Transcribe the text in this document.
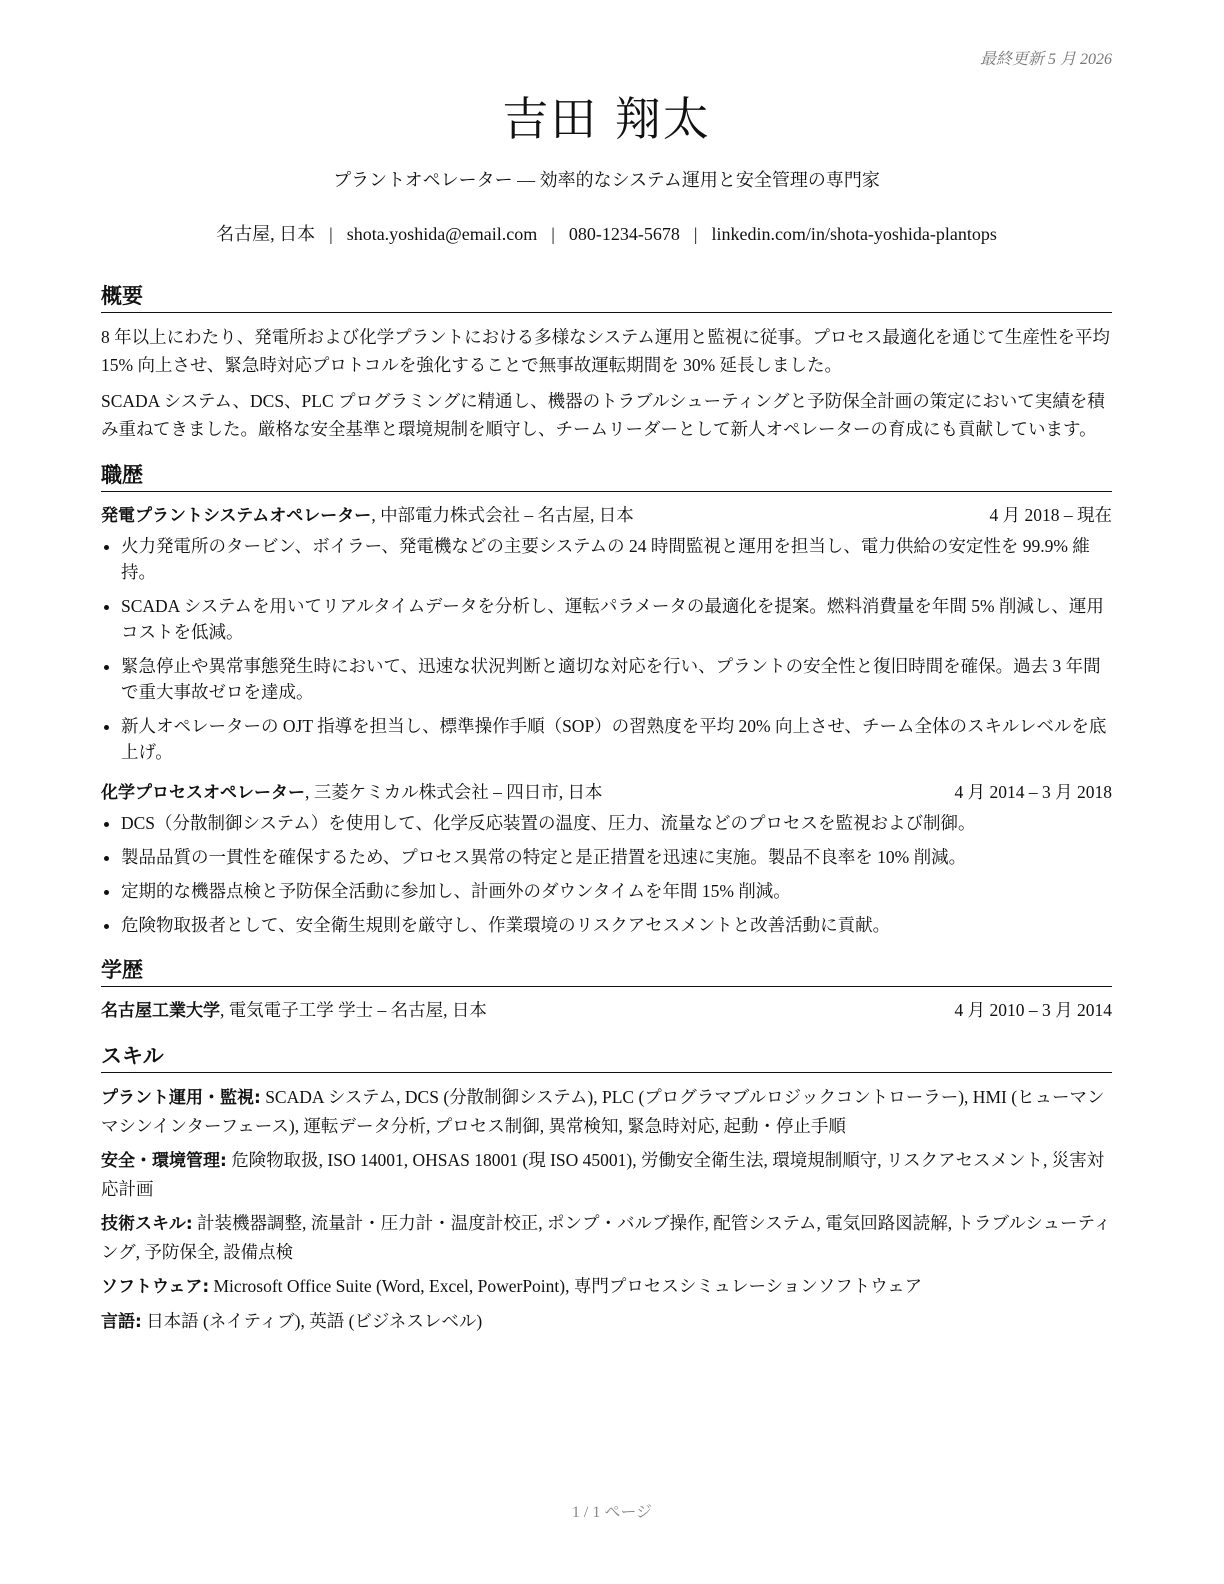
最終更新 5 月 2026
吉田 翔太
プラントオペレーター — 効率的なシステム運用と安全管理の専門家
名古屋, 日本 | shota.yoshida@email.com | 080-1234-5678 | linkedin.com/in/shota-yoshida-plantops
概要

8 年以上にわたり、発電所および化学プラントにおける多様なシステム運用と監視に従事。プロセス最適化を通じて生産性を平均 15% 向上させ、緊急時対応プロトコルを強化することで無事故運転期間を 30% 延長しました。

SCADA システム、DCS、PLC プログラミングに精通し、機器のトラブルシューティングと予防保全計画の策定において実績を積み重ねてきました。厳格な安全基準と環境規制を順守し、チームリーダーとして新人オペレーターの育成にも貢献しています。

職歴
発電プラントシステムオペレーター, 中部電力株式会社 – 名古屋, 日本	4 月 2018 – 現在
• 火力発電所のタービン、ボイラー、発電機などの主要システムの 24 時間監視と運用を担当し、電力供給の安定性を 99.9% 維持。
• SCADA システムを用いてリアルタイムデータを分析し、運転パラメータの最適化を提案。燃料消費量を年間 5% 削減し、運用コストを低減。
• 緊急停止や異常事態発生時において、迅速な状況判断と適切な対応を行い、プラントの安全性と復旧時間を確保。過去 3 年間で重大事故ゼロを達成。
• 新人オペレーターの OJT 指導を担当し、標準操作手順（SOP）の習熟度を平均 20% 向上させ、チーム全体のスキルレベルを底上げ。
化学プロセスオペレーター, 三菱ケミカル株式会社 – 四日市, 日本	4 月 2014 – 3 月 2018
• DCS（分散制御システム）を使用して、化学反応装置の温度、圧力、流量などのプロセスを監視および制御。
• 製品品質の一貫性を確保するため、プロセス異常の特定と是正措置を迅速に実施。製品不良率を 10% 削減。
• 定期的な機器点検と予防保全活動に参加し、計画外のダウンタイムを年間 15% 削減。
• 危険物取扱者として、安全衛生規則を厳守し、作業環境のリスクアセスメントと改善活動に貢献。
学歴
名古屋工業大学, 電気電子工学 学士 – 名古屋, 日本	4 月 2010 – 3 月 2014
スキル
プラント運用・監視: SCADA システム, DCS (分散制御システム), PLC (プログラマブルロジックコントローラー), HMI (ヒューマンマシンインターフェース), 運転データ分析, プロセス制御, 異常検知, 緊急時対応, 起動・停止手順
安全・環境管理: 危険物取扱, ISO 14001, OHSAS 18001 (現 ISO 45001), 労働安全衛生法, 環境規制順守, リスクアセスメント, 災害対応計画
技術スキル: 計装機器調整, 流量計・圧力計・温度計校正, ポンプ・バルブ操作, 配管システム, 電気回路図読解, トラブルシューティング, 予防保全, 設備点検
ソフトウェア: Microsoft Office Suite (Word, Excel, PowerPoint), 専門プロセスシミュレーションソフトウェア
言語: 日本語 (ネイティブ), 英語 (ビジネスレベル)
1 / 1 ページ
